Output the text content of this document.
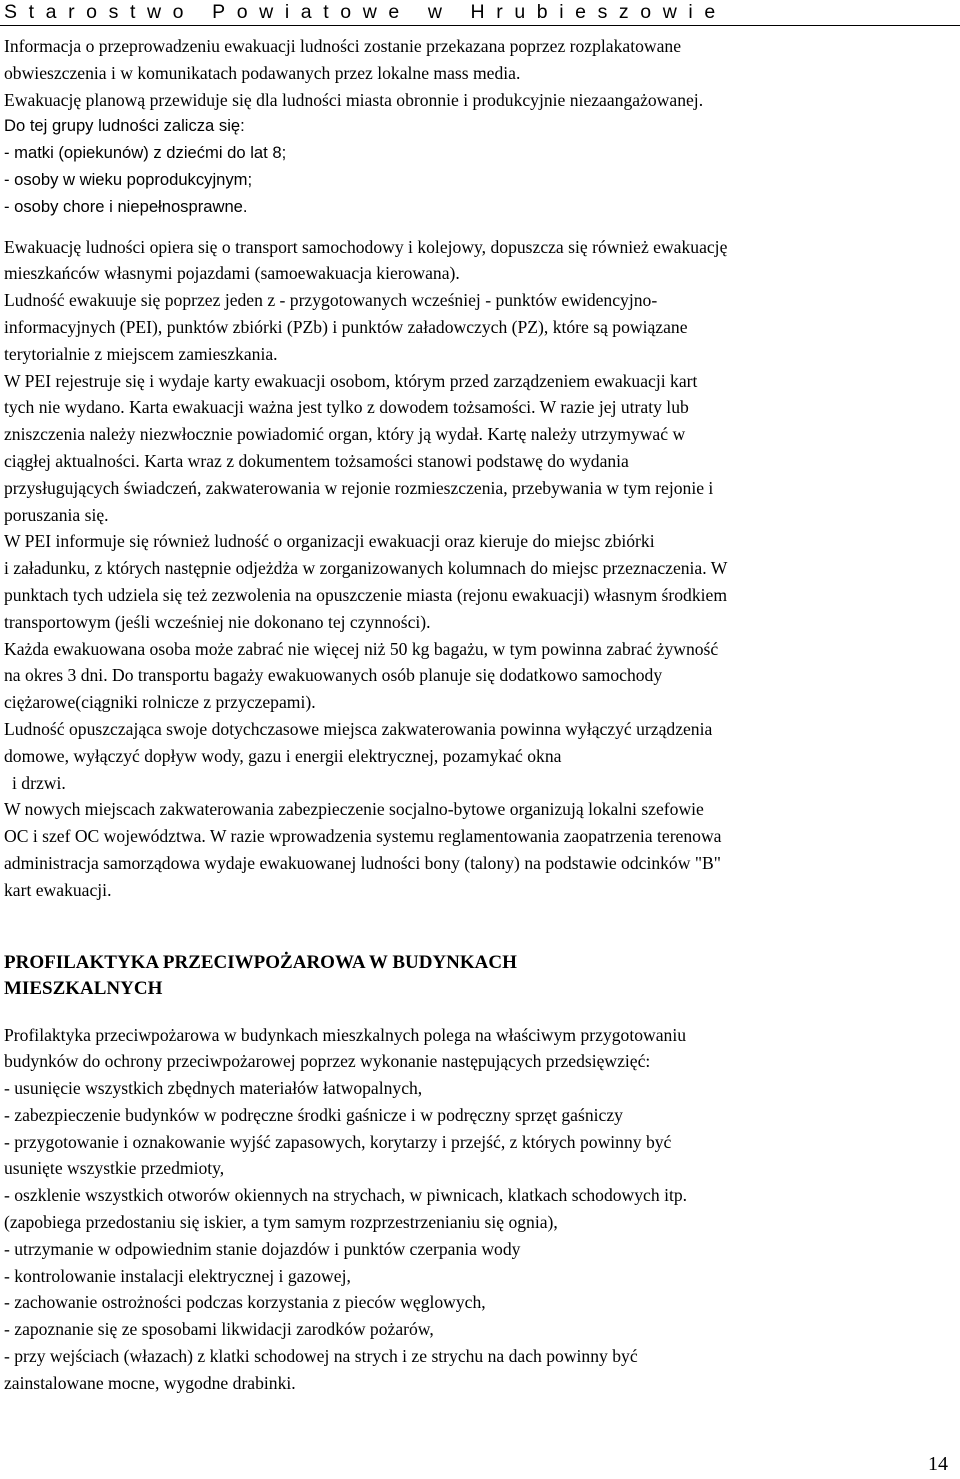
Starostwo Powiatowe w Hrubieszowie
Informacja o przeprowadzeniu ewakuacji ludności zostanie przekazana poprzez rozplakatowane
obwieszczenia i w komunikatach podawanych przez lokalne mass media.
Ewakuację planową przewiduje się dla ludności miasta obronnie i produkcyjnie niezaangażowanej.
Do tej grupy ludności zalicza się:
- matki (opiekunów) z dziećmi do lat 8;
- osoby w wieku poprodukcyjnym;
- osoby chore i niepełnosprawne.
Ewakuację ludności opiera się o transport samochodowy i kolejowy, dopuszcza się również ewakuację
mieszkańców własnymi pojazdami (samoewakuacja kierowana).
Ludność ewakuuje się poprzez jeden z - przygotowanych wcześniej - punktów ewidencyjno-
informacyjnych (PEI), punktów zbiórki (PZb) i punktów załadowczych (PZ), które są powiązane
terytorialnie z miejscem zamieszkania.
W PEI rejestruje się i wydaje karty ewakuacji osobom, którym przed zarządzeniem ewakuacji kart
tych nie wydano. Karta ewakuacji ważna jest tylko z dowodem tożsamości. W razie jej utraty lub
zniszczenia należy niezwłocznie powiadomić organ, który ją wydał. Kartę należy utrzymywać w
ciągłej aktualności. Karta wraz z dokumentem tożsamości stanowi podstawę do wydania
przysługujących świadczeń, zakwaterowania w rejonie rozmieszczenia, przebywania w tym rejonie i
poruszania się.
W PEI informuje się również ludność o organizacji ewakuacji oraz kieruje do miejsc zbiórki
i załadunku, z których następnie odjeżdża w zorganizowanych kolumnach do miejsc przeznaczenia. W
punktach tych udziela się też zezwolenia na opuszczenie miasta (rejonu ewakuacji) własnym środkiem
transportowym (jeśli wcześniej nie dokonano tej czynności).
Każda ewakuowana osoba może zabrać nie więcej niż 50 kg bagażu, w tym powinna zabrać żywność
na okres 3 dni. Do transportu bagaży ewakuowanych osób planuje się dodatkowo samochody
ciężarowe(ciągniki rolnicze z przyczepami).
Ludność opuszczająca swoje dotychczasowe miejsca zakwaterowania powinna wyłączyć urządzenia
domowe, wyłączyć dopływ wody, gazu i energii elektrycznej, pozamykać okna
i drzwi.
W nowych miejscach zakwaterowania zabezpieczenie socjalno-bytowe organizują lokalni szefowie
OC i szef OC województwa. W razie wprowadzenia systemu reglamentowania zaopatrzenia terenowa
administracja samorządowa wydaje ewakuowanej ludności bony (talony) na podstawie odcinków "B"
kart ewakuacji.
PROFILAKTYKA PRZECIWPOŻAROWA W BUDYNKACH
MIESZKALNYCH
Profilaktyka przeciwpożarowa w budynkach mieszkalnych polega na właściwym przygotowaniu
budynków do ochrony przeciwpożarowej poprzez wykonanie następujących przedsięwzięć:
- usunięcie wszystkich zbędnych materiałów łatwopalnych,
- zabezpieczenie budynków w podręczne środki gaśnicze i w podręczny sprzęt gaśniczy
- przygotowanie i oznakowanie wyjść zapasowych, korytarzy i przejść, z których powinny być
usunięte wszystkie przedmioty,
- oszklenie wszystkich otworów okiennych na strychach, w piwnicach, klatkach schodowych itp.
(zapobiega przedostaniu się iskier, a tym samym rozprzestrzenianiu się ognia),
- utrzymanie w odpowiednim stanie dojazdów i punktów czerpania wody
- kontrolowanie instalacji elektrycznej i gazowej,
- zachowanie ostrożności podczas korzystania z pieców węglowych,
- zapoznanie się ze sposobami likwidacji zarodków pożarów,
- przy wejściach (włazach) z klatki schodowej na strych i ze strychu na dach powinny być
zainstalowane mocne, wygodne drabinki.
14
